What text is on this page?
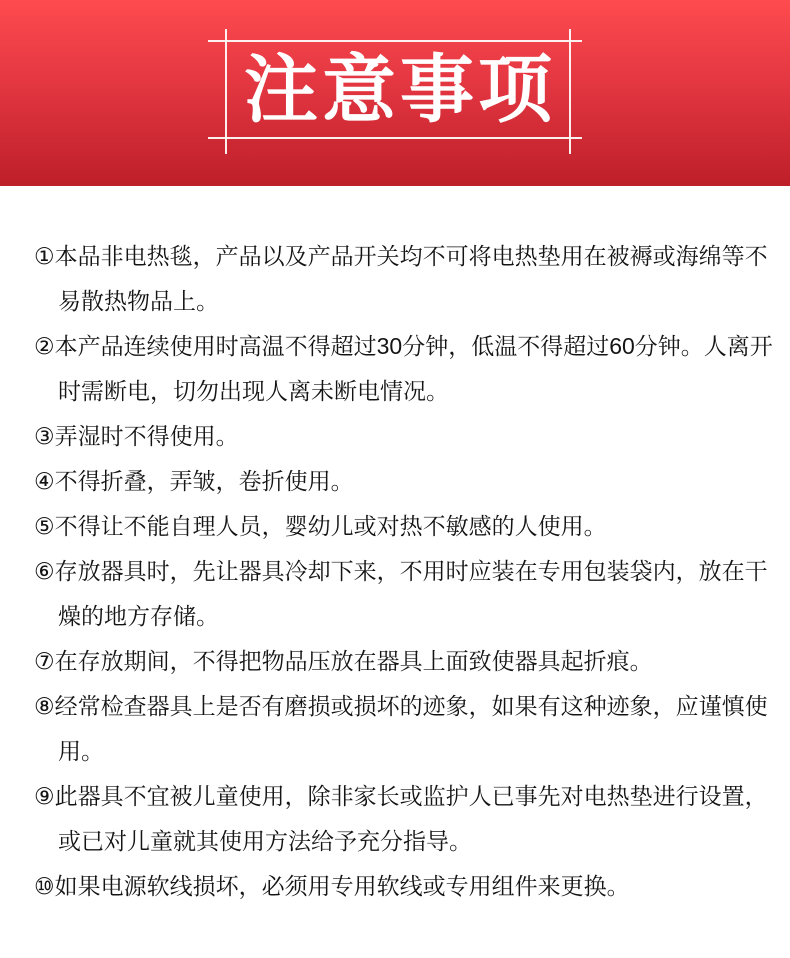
注意事项

①本品非电热毯，产品以及产品开关均不可将电热垫用在被褥或海绵等不易散热物品上。

②本产品连续使用时高温不得超过30分钟，低温不得超过60分钟。人离开时需断电，切勿出现人离未断电情况。

③弄湿时不得使用。

④不得折叠，弄皱，卷折使用。

⑤不得让不能自理人员，婴幼儿或对热不敏感的人使用。

⑥存放器具时，先让器具冷却下来，不用时应装在专用包装袋内，放在干燥的地方存储。

⑦在存放期间，不得把物品压放在器具上面致使器具起折痕。

⑧经常检查器具上是否有磨损或损坏的迹象，如果有这种迹象，应谨慎使用。

⑨此器具不宜被儿童使用，除非家长或监护人已事先对电热垫进行设置，或已对儿童就其使用方法给予充分指导。

⑩如果电源软线损坏，必须用专用软线或专用组件来更换。
